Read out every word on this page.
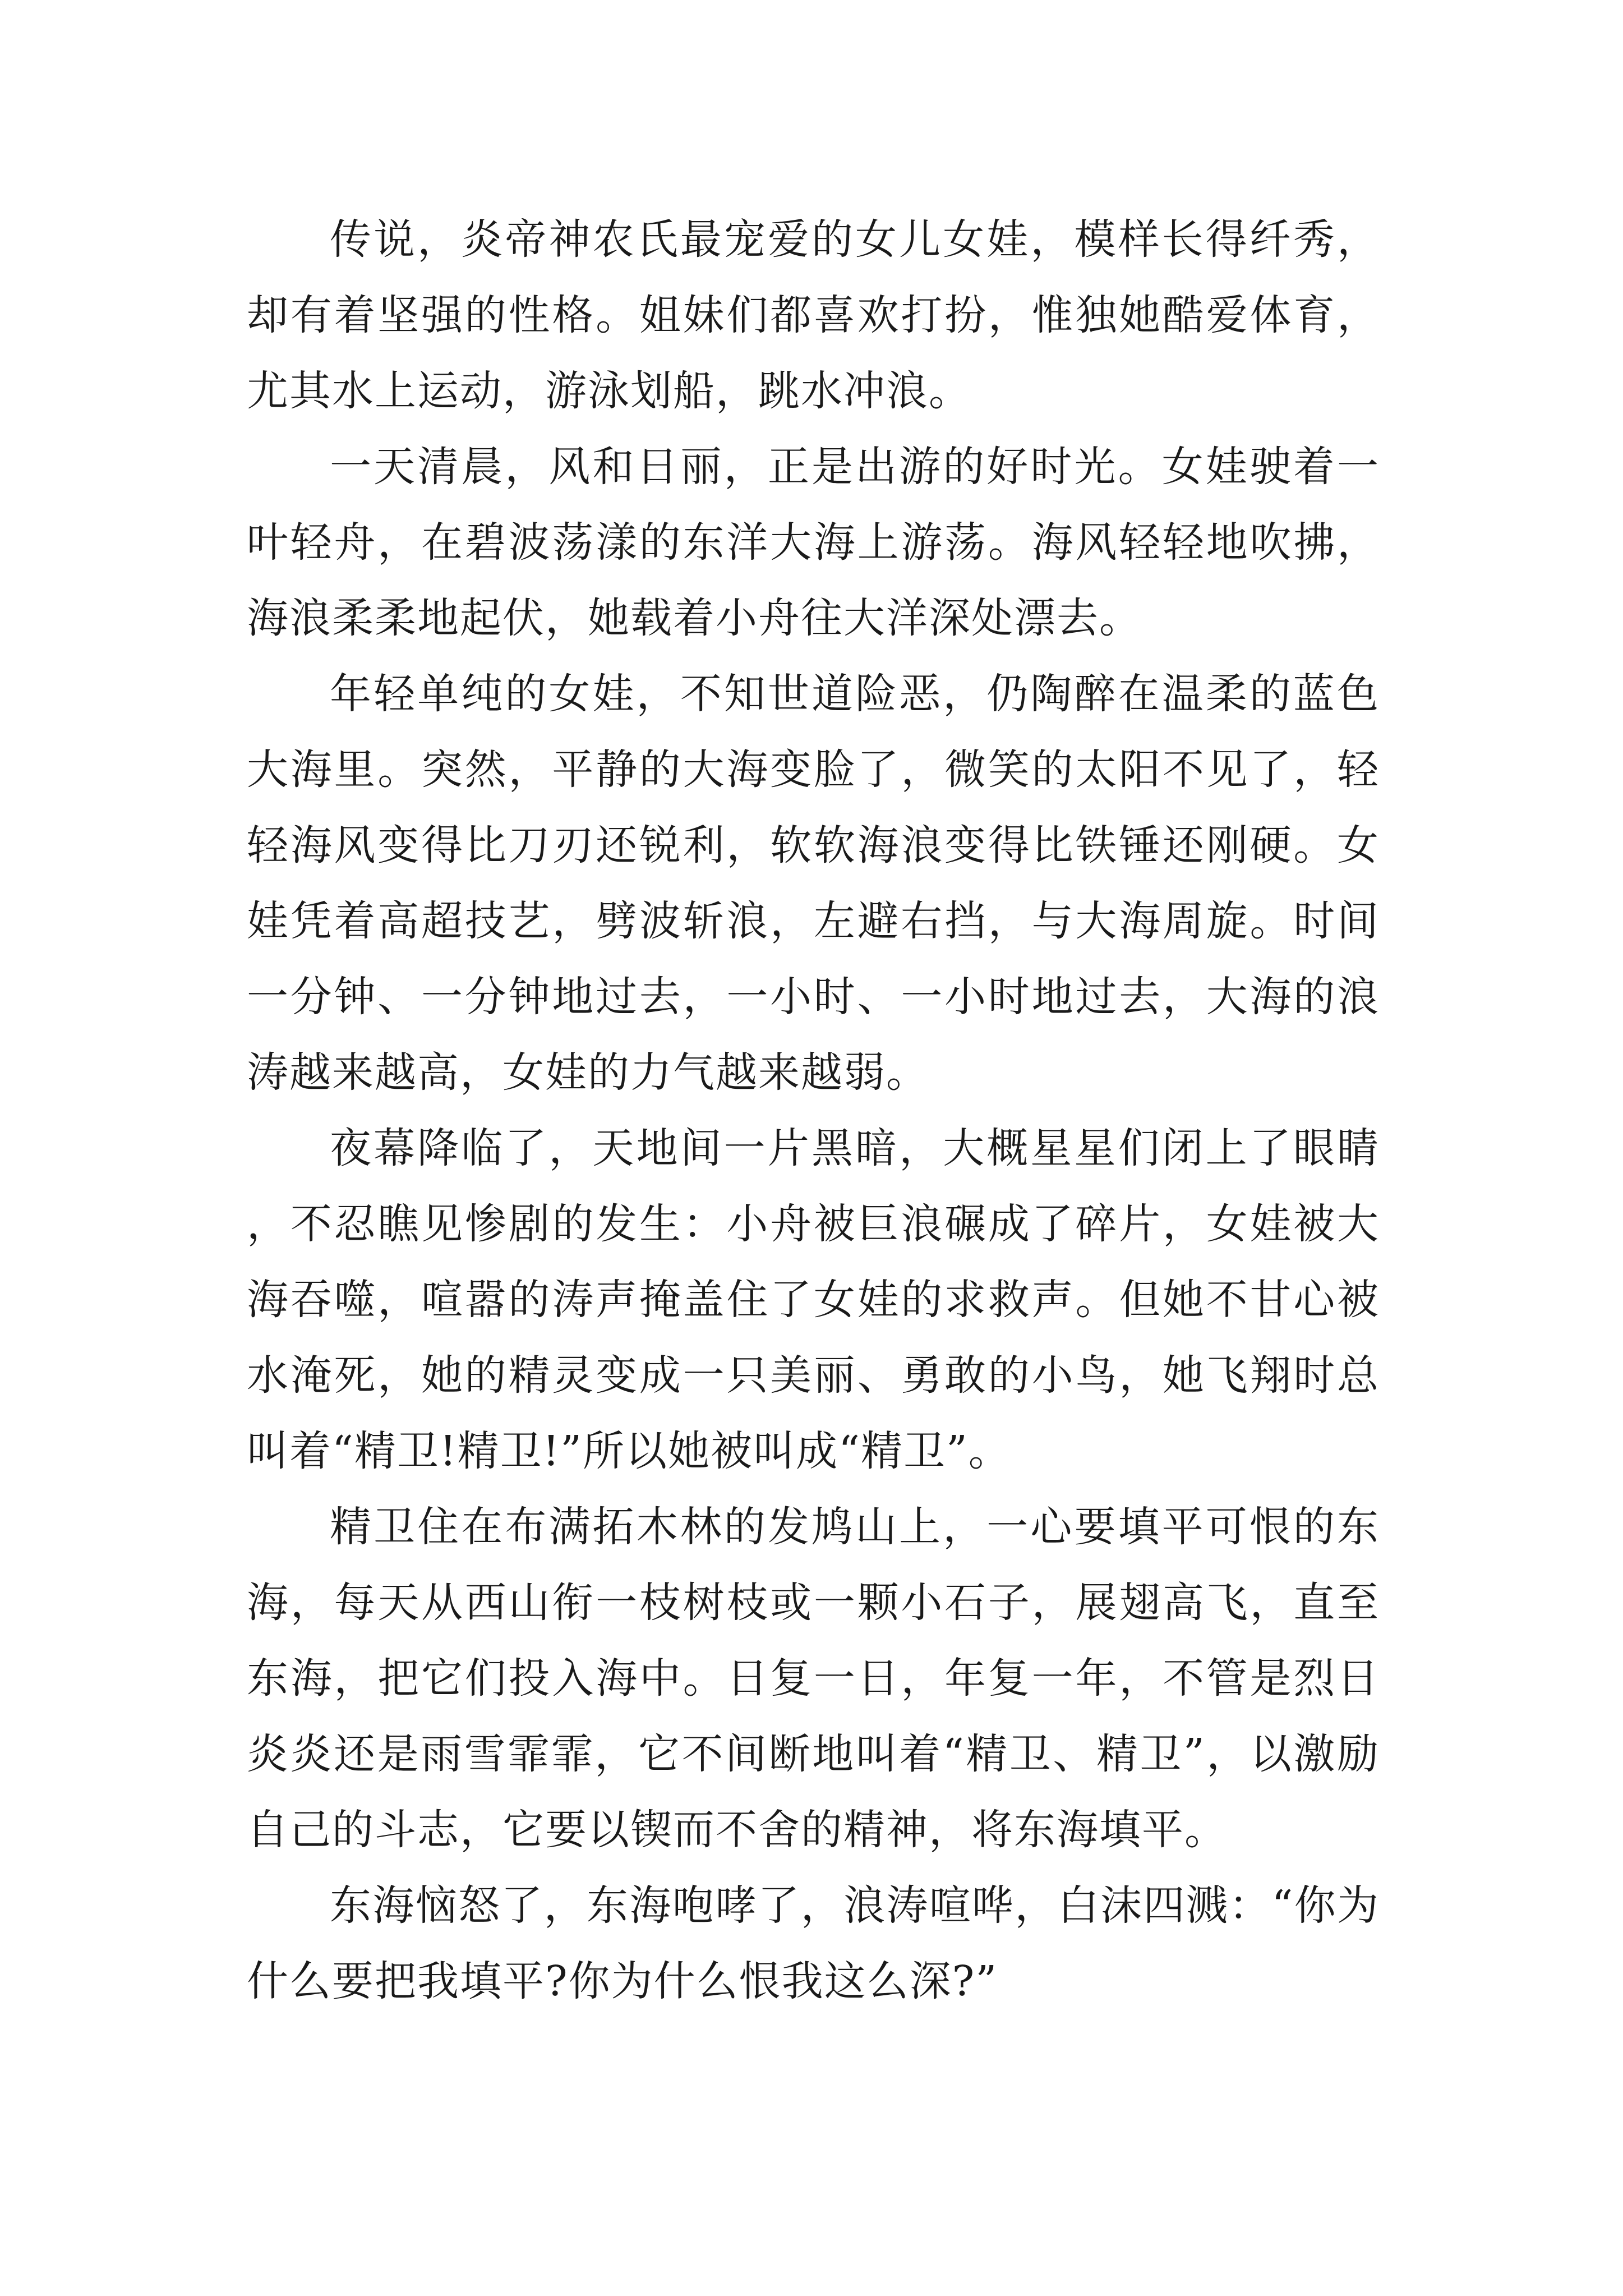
传说，炎帝神农氏最宠爱的女儿女娃，模样长得纤秀，却有着坚强的性格。姐妹们都喜欢打扮，惟独她酷爱体育，尤其水上运动，游泳划船，跳水冲浪。

一天清晨，风和日丽，正是出游的好时光。女娃驶着一叶轻舟，在碧波荡漾的东洋大海上游荡。海风轻轻地吹拂，海浪柔柔地起伏，她载着小舟往大洋深处漂去。

年轻单纯的女娃，不知世道险恶，仍陶醉在温柔的蓝色大海里。突然，平静的大海变脸了，微笑的太阳不见了，轻轻海风变得比刀刃还锐利，软软海浪变得比铁锤还刚硬。女娃凭着高超技艺，劈波斩浪，左避右挡，与大海周旋。时间一分钟、一分钟地过去，一小时、一小时地过去，大海的浪涛越来越高，女娃的力气越来越弱。

夜幕降临了，天地间一片黑暗，大概星星们闭上了眼睛，不忍瞧见惨剧的发生：小舟被巨浪碾成了碎片，女娃被大海吞噬，喧嚣的涛声掩盖住了女娃的求救声。但她不甘心被水淹死，她的精灵变成一只美丽、勇敢的小鸟，她飞翔时总叫着“精卫!精卫!”所以她被叫成“精卫”。

精卫住在布满拓木林的发鸠山上，一心要填平可恨的东海，每天从西山衔一枝树枝或一颗小石子，展翅高飞，直至东海，把它们投入海中。日复一日，年复一年，不管是烈日炎炎还是雨雪霏霏，它不间断地叫着“精卫、精卫”，以激励自己的斗志，它要以锲而不舍的精神，将东海填平。

东海恼怒了，东海咆哮了，浪涛喧哗，白沫四溅：“你为什么要把我填平?你为什么恨我这么深?”
